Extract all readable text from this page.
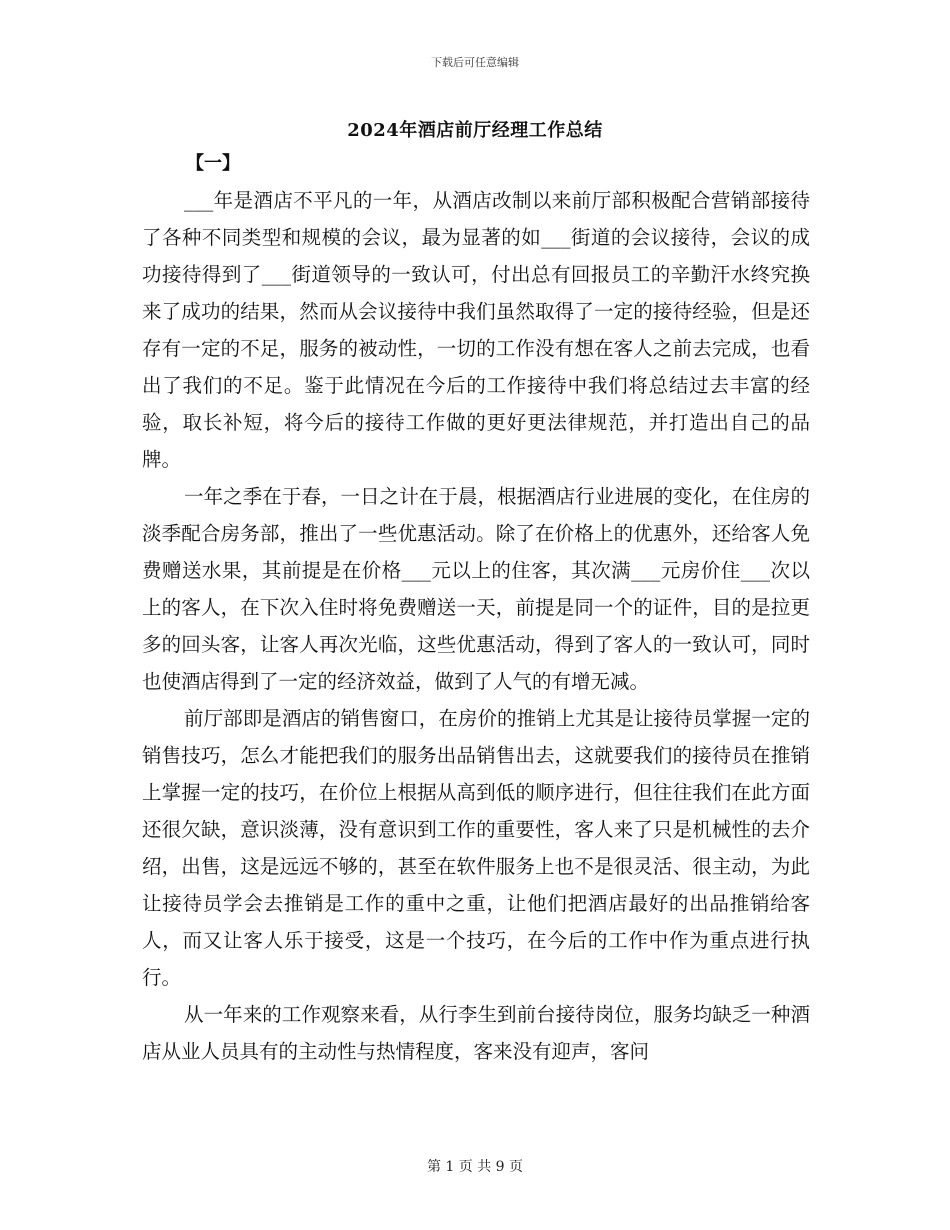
下载后可任意编辑
2024年酒店前厅经理工作总结
【一】

___年是酒店不平凡的一年，从酒店改制以来前厅部积极配合营销部接待了各种不同类型和规模的会议，最为显著的如___街道的会议接待，会议的成功接待得到了___街道领导的一致认可，付出总有回报员工的辛勤汗水终究换来了成功的结果，然而从会议接待中我们虽然取得了一定的接待经验，但是还存有一定的不足，服务的被动性，一切的工作没有想在客人之前去完成，也看出了我们的不足。鉴于此情况在今后的工作接待中我们将总结过去丰富的经验，取长补短，将今后的接待工作做的更好更法律规范，并打造出自己的品牌。

一年之季在于春，一日之计在于晨，根据酒店行业进展的变化，在住房的淡季配合房务部，推出了一些优惠活动。除了在价格上的优惠外，还给客人免费赠送水果，其前提是在价格___元以上的住客，其次满___元房价住___次以上的客人，在下次入住时将免费赠送一天，前提是同一个的证件，目的是拉更多的回头客，让客人再次光临，这些优惠活动，得到了客人的一致认可，同时也使酒店得到了一定的经济效益，做到了人气的有增无减。

前厅部即是酒店的销售窗口，在房价的推销上尤其是让接待员掌握一定的销售技巧，怎么才能把我们的服务出品销售出去，这就要我们的接待员在推销上掌握一定的技巧，在价位上根据从高到低的顺序进行，但往往我们在此方面还很欠缺，意识淡薄，没有意识到工作的重要性，客人来了只是机械性的去介绍，出售，这是远远不够的，甚至在软件服务上也不是很灵活、很主动，为此让接待员学会去推销是工作的重中之重，让他们把酒店最好的出品推销给客人，而又让客人乐于接受，这是一个技巧，在今后的工作中作为重点进行执行。

从一年来的工作观察来看，从行李生到前台接待岗位，服务均缺乏一种酒店从业人员具有的主动性与热情程度，客来没有迎声，客问

第 1 页 共 9 页
